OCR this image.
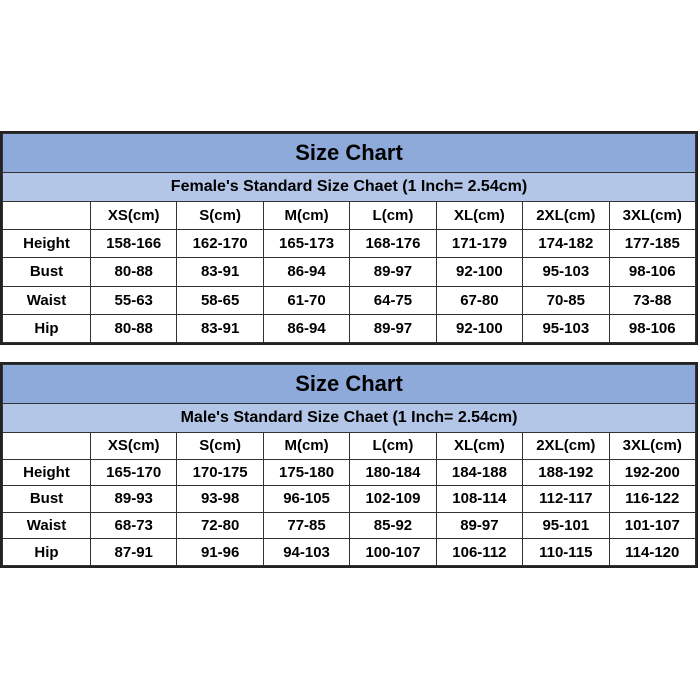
Size Chart							
Female's Standard Size Chaet (1 Inch= 2.54cm)							
	XS(cm)	S(cm)	M(cm)	L(cm)	XL(cm)	2XL(cm)	3XL(cm)
Height	158-166	162-170	165-173	168-176	171-179	174-182	177-185
Bust	80-88	83-91	86-94	89-97	92-100	95-103	98-106
Waist	55-63	58-65	61-70	64-75	67-80	70-85	73-88
Hip	80-88	83-91	86-94	89-97	92-100	95-103	98-106
Size Chart							
Male's Standard Size Chaet (1 Inch= 2.54cm)							
	XS(cm)	S(cm)	M(cm)	L(cm)	XL(cm)	2XL(cm)	3XL(cm)
Height	165-170	170-175	175-180	180-184	184-188	188-192	192-200
Bust	89-93	93-98	96-105	102-109	108-114	112-117	116-122
Waist	68-73	72-80	77-85	85-92	89-97	95-101	101-107
Hip	87-91	91-96	94-103	100-107	106-112	110-115	114-120
